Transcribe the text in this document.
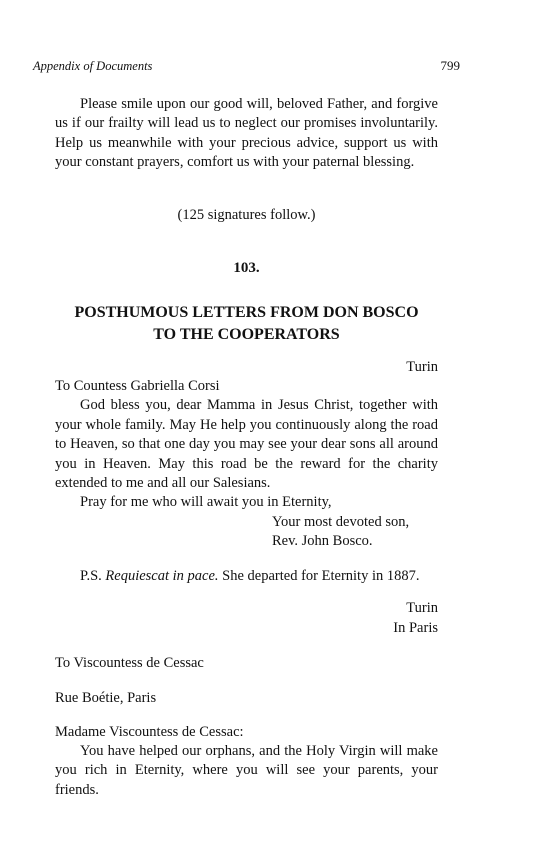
Appendix of Documents	799

Please smile upon our good will, beloved Father, and forgive us if our frailty will lead us to neglect our promises involuntarily. Help us meanwhile with your precious advice, support us with your constant prayers, comfort us with your paternal blessing.

(125 signatures follow.)
103.
POSTHUMOUS LETTERS FROM DON BOSCO
TO THE COOPERATORS
Turin

To Countess Gabriella Corsi

God bless you, dear Mamma in Jesus Christ, together with your whole family. May He help you continuously along the road to Heaven, so that one day you may see your dear sons all around you in Heaven. May this road be the reward for the charity extended to me and all our Salesians.

Pray for me who will await you in Eternity,

Your most devoted son,
Rev. John Bosco.
P.S. Requiescat in pace. She departed for Eternity in 1887.
Turin
In Paris
To Viscountess de Cessac
Rue Boétie, Paris
Madame Viscountess de Cessac:

You have helped our orphans, and the Holy Virgin will make you rich in Eternity, where you will see your parents, your friends.
